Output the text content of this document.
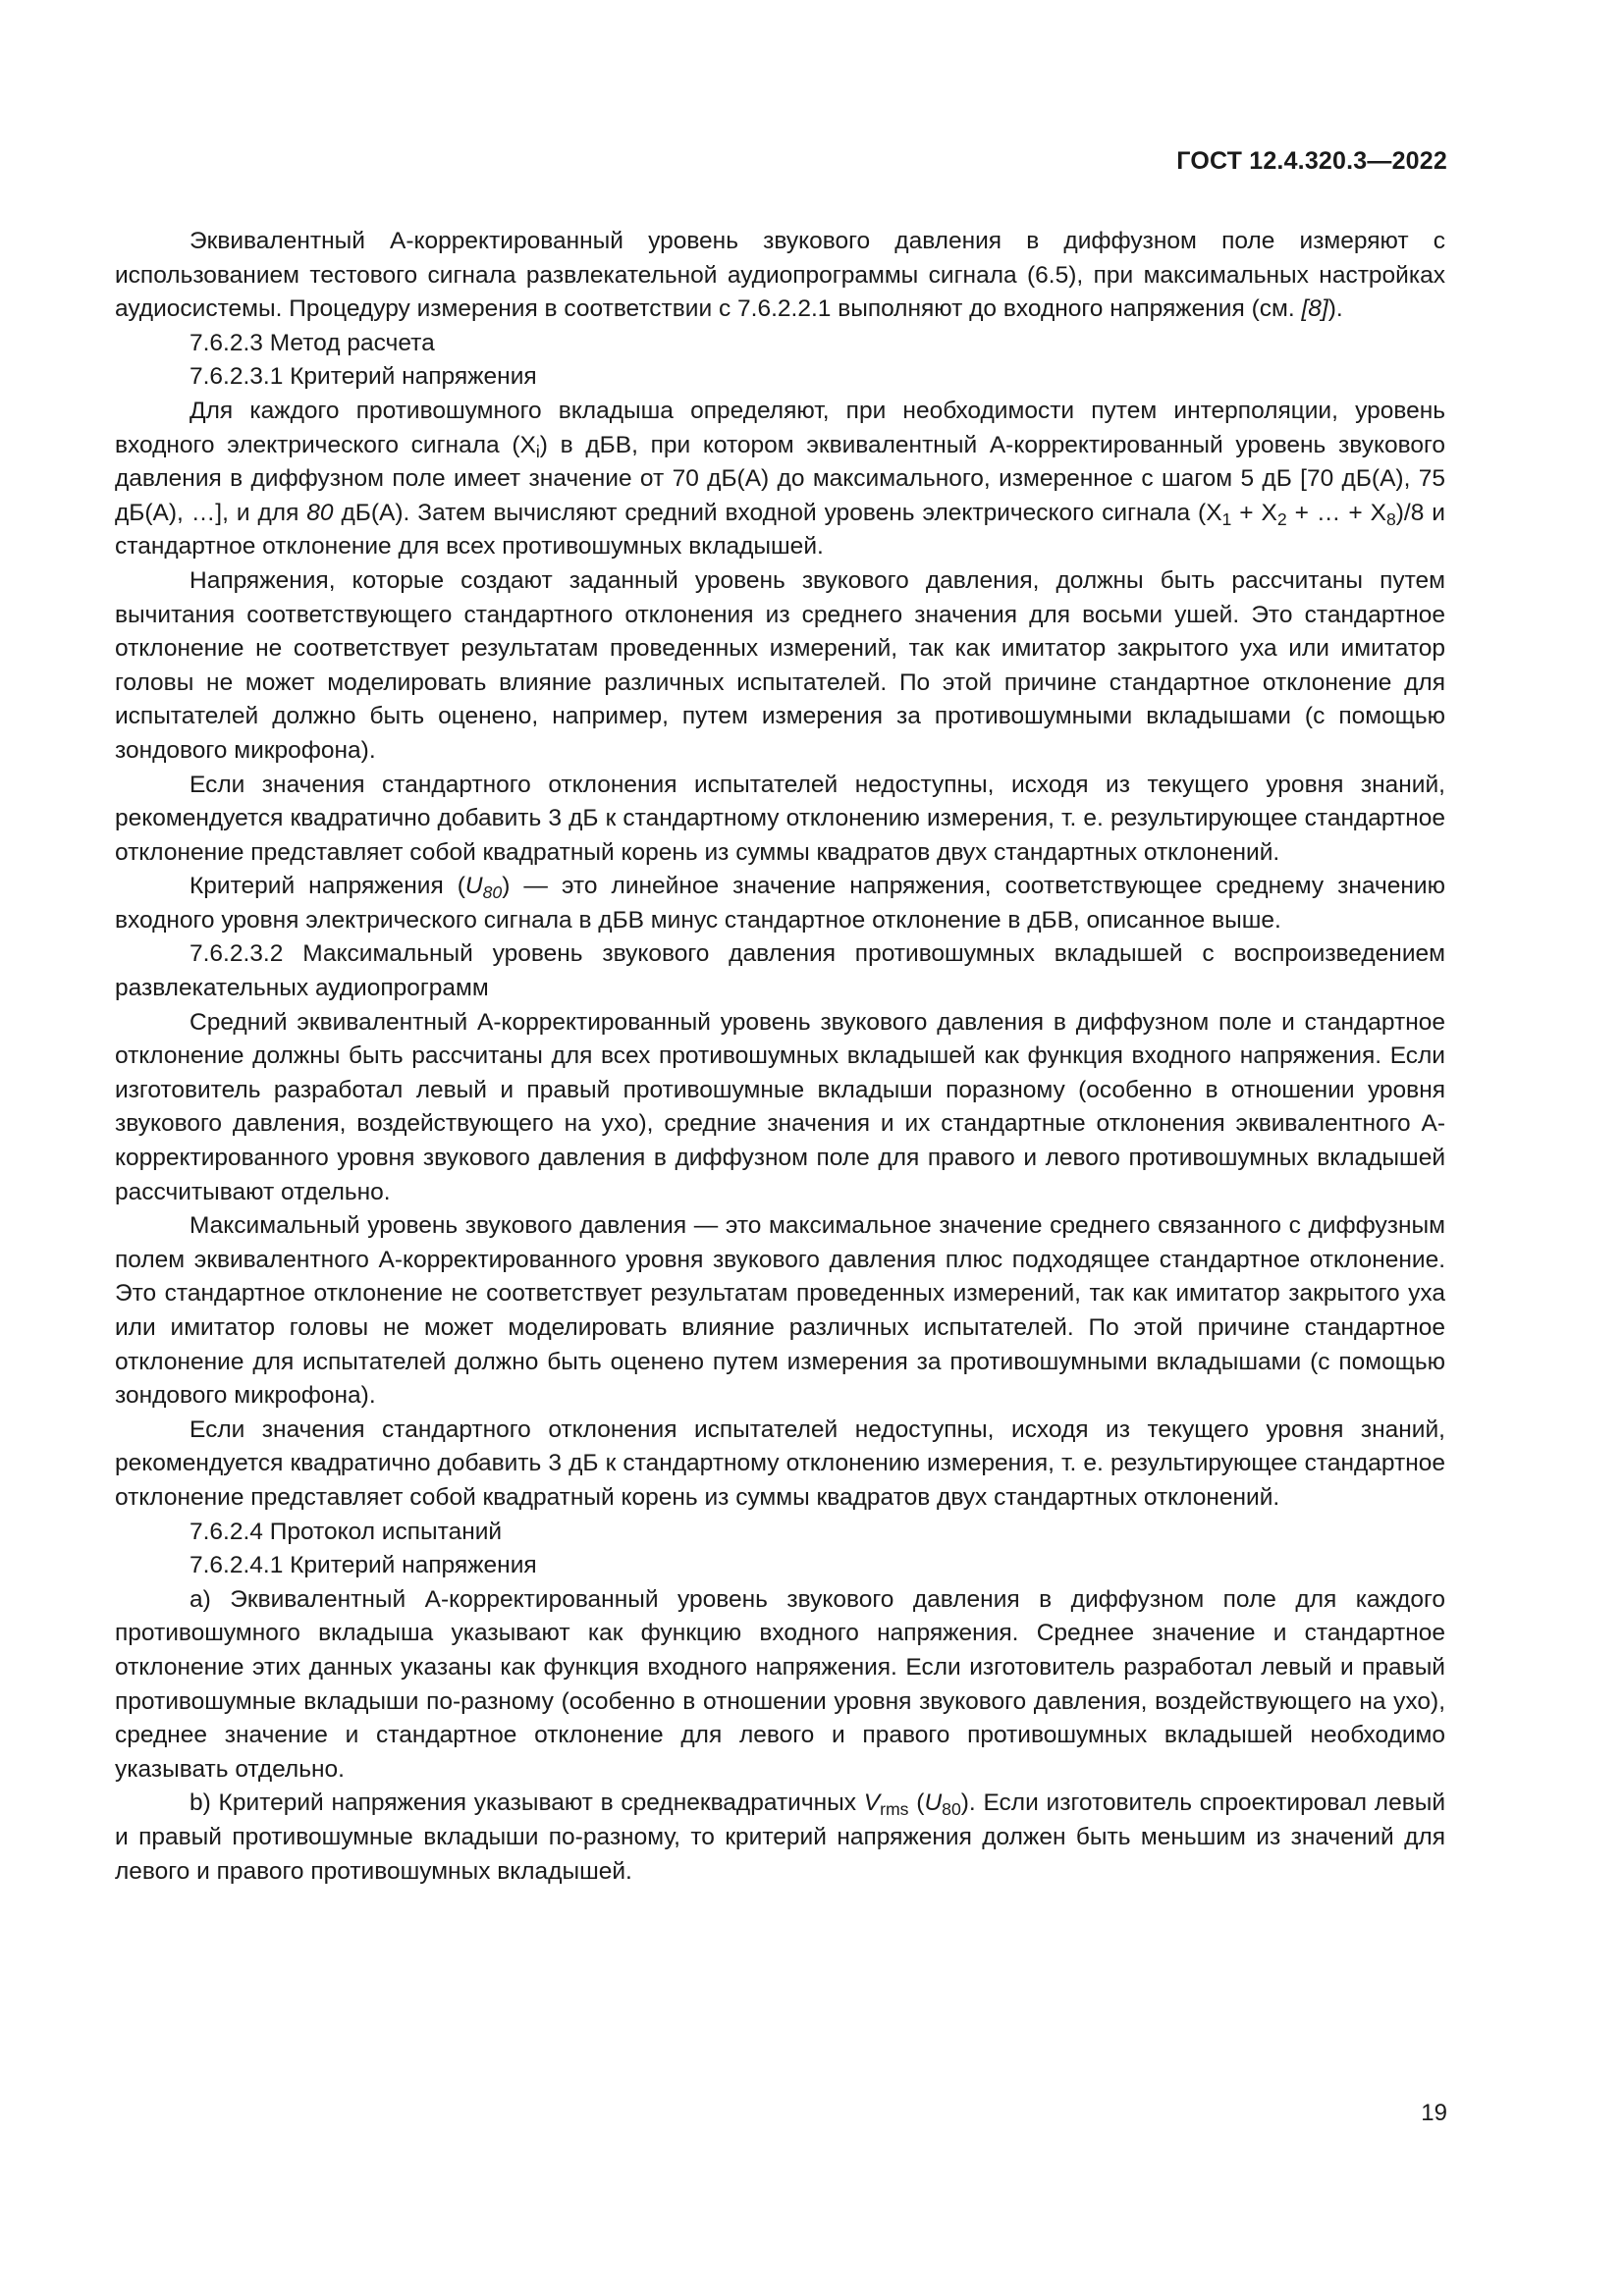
ГОСТ 12.4.320.3—2022

Эквивалентный А-корректированный уровень звукового давления в диффузном поле измеряют с использованием тестового сигнала развлекательной аудиопрограммы сигнала (6.5), при максимальных настройках аудиосистемы. Процедуру измерения в соответствии с 7.6.2.2.1 выполняют до входного напряжения (см. [8]).

7.6.2.3 Метод расчета

7.6.2.3.1 Критерий напряжения

Для каждого противошумного вкладыша определяют, при необходимости путем интерполяции, уровень входного электрического сигнала $(X_i)$ в дБВ, при котором эквивалентный А-корректированный уровень звукового давления в диффузном поле имеет значение от 70 дБ(А) до максимального, измеренное с шагом 5 дБ [70 дБ(А), 75 дБ(А), …], и для 80 дБ(А). Затем вычисляют средний входной уровень электрического сигнала ($X_1 + X_2$ + … + $X_8)/8$ и стандартное отклонение для всех противошумных вкладышей.

Напряжения, которые создают заданный уровень звукового давления, должны быть рассчитаны путем вычитания соответствующего стандартного отклонения из среднего значения для восьми ушей. Это стандартное отклонение не соответствует результатам проведенных измерений, так как имитатор закрытого уха или имитатор головы не может моделировать влияние различных испытателей. По этой причине стандартное отклонение для испытателей должно быть оценено, например, путем измерения за противошумными вкладышами (с помощью зондового микрофона).

Если значения стандартного отклонения испытателей недоступны, исходя из текущего уровня знаний, рекомендуется квадратично добавить 3 дБ к стандартному отклонению измерения, т. е. результирующее стандартное отклонение представляет собой квадратный корень из суммы квадратов двух стандартных отклонений.

Критерий напряжения $(U_{80})$ — это линейное значение напряжения, соответствующее среднему значению входного уровня электрического сигнала в дБВ минус стандартное отклонение в дБВ, описанное выше.

7.6.2.3.2 Максимальный уровень звукового давления противошумных вкладышей с воспроизведением развлекательных аудиопрограмм

Средний эквивалентный А-корректированный уровень звукового давления в диффузном поле и стандартное отклонение должны быть рассчитаны для всех противошумных вкладышей как функция входного напряжения. Если изготовитель разработал левый и правый противошумные вкладыши поразному (особенно в отношении уровня звукового давления, воздействующего на ухо), средние значения и их стандартные отклонения эквивалентного А-корректированного уровня звукового давления в диффузном поле для правого и левого противошумных вкладышей рассчитывают отдельно.

Максимальный уровень звукового давления — это максимальное значение среднего связанного с диффузным полем эквивалентного А-корректированного уровня звукового давления плюс подходящее стандартное отклонение. Это стандартное отклонение не соответствует результатам проведенных измерений, так как имитатор закрытого уха или имитатор головы не может моделировать влияние различных испытателей. По этой причине стандартное отклонение для испытателей должно быть оценено путем измерения за противошумными вкладышами (с помощью зондового микрофона).

Если значения стандартного отклонения испытателей недоступны, исходя из текущего уровня знаний, рекомендуется квадратично добавить 3 дБ к стандартному отклонению измерения, т. е. результирующее стандартное отклонение представляет собой квадратный корень из суммы квадратов двух стандартных отклонений.

7.6.2.4 Протокол испытаний

7.6.2.4.1 Критерий напряжения

а) Эквивалентный А-корректированный уровень звукового давления в диффузном поле для каждого противошумного вкладыша указывают как функцию входного напряжения. Среднее значение и стандартное отклонение этих данных указаны как функция входного напряжения. Если изготовитель разработал левый и правый противошумные вкладыши по-разному (особенно в отношении уровня звукового давления, воздействующего на ухо), среднее значение и стандартное отклонение для левого и правого противошумных вкладышей необходимо указывать отдельно.

b) Критерий напряжения указывают в среднеквадратичных $V_{rms}$ $(U_{80})$. Если изготовитель спроектировал левый и правый противошумные вкладыши по-разному, то критерий напряжения должен быть меньшим из значений для левого и правого противошумных вкладышей.

19
